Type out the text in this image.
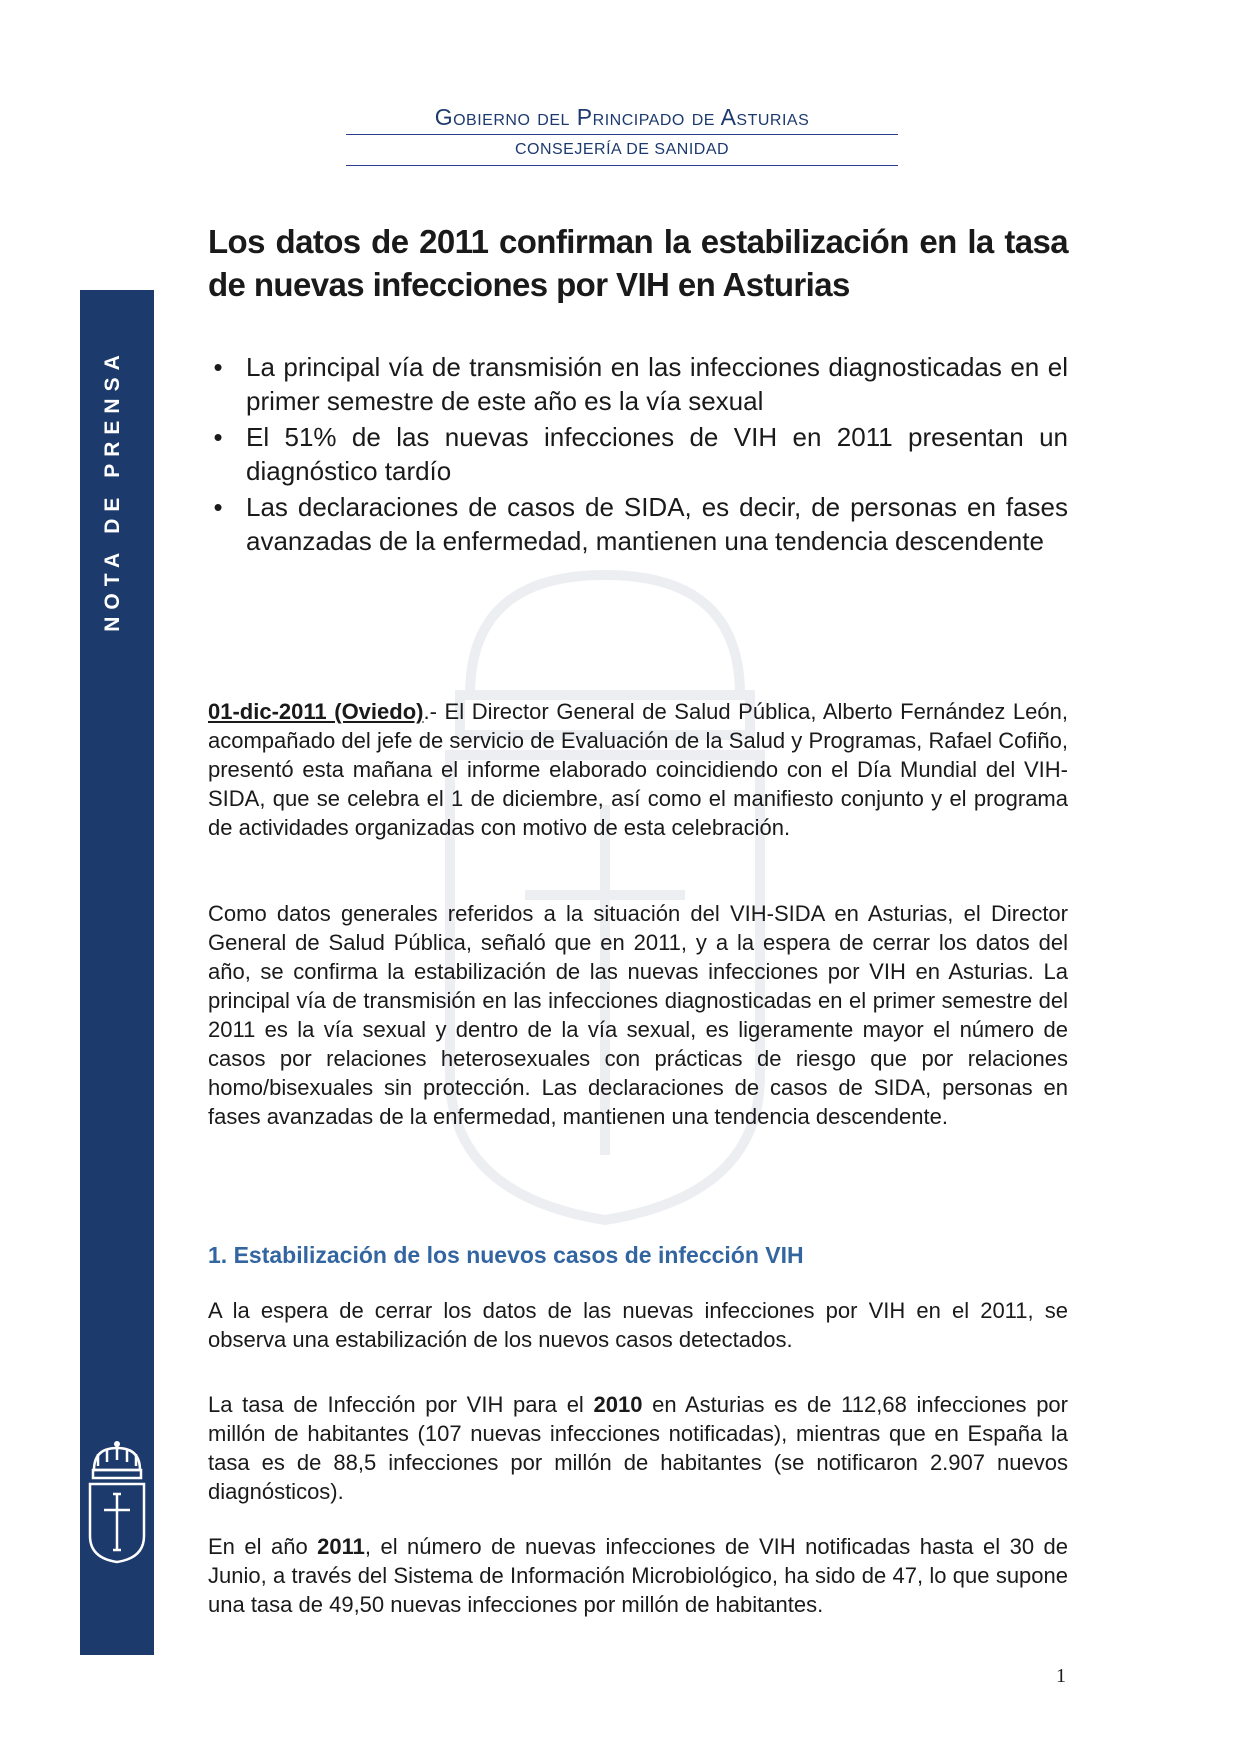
Gobierno del Principado de Asturias
CONSEJERÍA DE SANIDAD
NOTA DE PRENSA
Los datos de 2011 confirman la estabilización en la tasa de nuevas infecciones por VIH en Asturias
• La principal vía de transmisión en las infecciones diagnosticadas en el primer semestre de este año es la vía sexual
• El 51% de las nuevas infecciones de VIH en 2011 presentan un diagnóstico tardío
• Las declaraciones de casos de SIDA, es decir, de personas en fases avanzadas de la enfermedad, mantienen una tendencia descendente

01-dic-2011 (Oviedo).- El Director General de Salud Pública, Alberto Fernández León, acompañado del jefe de servicio de Evaluación de la Salud y Programas, Rafael Cofiño, presentó esta mañana el informe elaborado coincidiendo con el Día Mundial del VIH-SIDA, que se celebra el 1 de diciembre, así como el manifiesto conjunto y el programa de actividades organizadas con motivo de esta celebración.

Como datos generales referidos a la situación del VIH-SIDA en Asturias, el Director General de Salud Pública, señaló que en 2011, y a la espera de cerrar los datos del año, se confirma la estabilización de las nuevas infecciones por VIH en Asturias. La principal vía de transmisión en las infecciones diagnosticadas en el primer semestre del 2011 es la vía sexual y dentro de la vía sexual, es ligeramente mayor el número de casos por relaciones heterosexuales con prácticas de riesgo que por relaciones homo/bisexuales sin protección. Las declaraciones de casos de SIDA, personas en fases avanzadas de la enfermedad, mantienen una tendencia descendente.

1. Estabilización de los nuevos casos de infección VIH

A la espera de cerrar los datos de las nuevas infecciones por VIH en el 2011, se observa una estabilización de los nuevos casos detectados.

La tasa de Infección por VIH para el 2010 en Asturias es de 112,68 infecciones por millón de habitantes (107 nuevas infecciones notificadas), mientras que en España la tasa es de 88,5 infecciones por millón de habitantes (se notificaron 2.907 nuevos diagnósticos).

En el año 2011, el número de nuevas infecciones de VIH notificadas hasta el 30 de Junio, a través del Sistema de Información Microbiológico, ha sido de 47, lo que supone una tasa de 49,50 nuevas infecciones por millón de habitantes.

1
